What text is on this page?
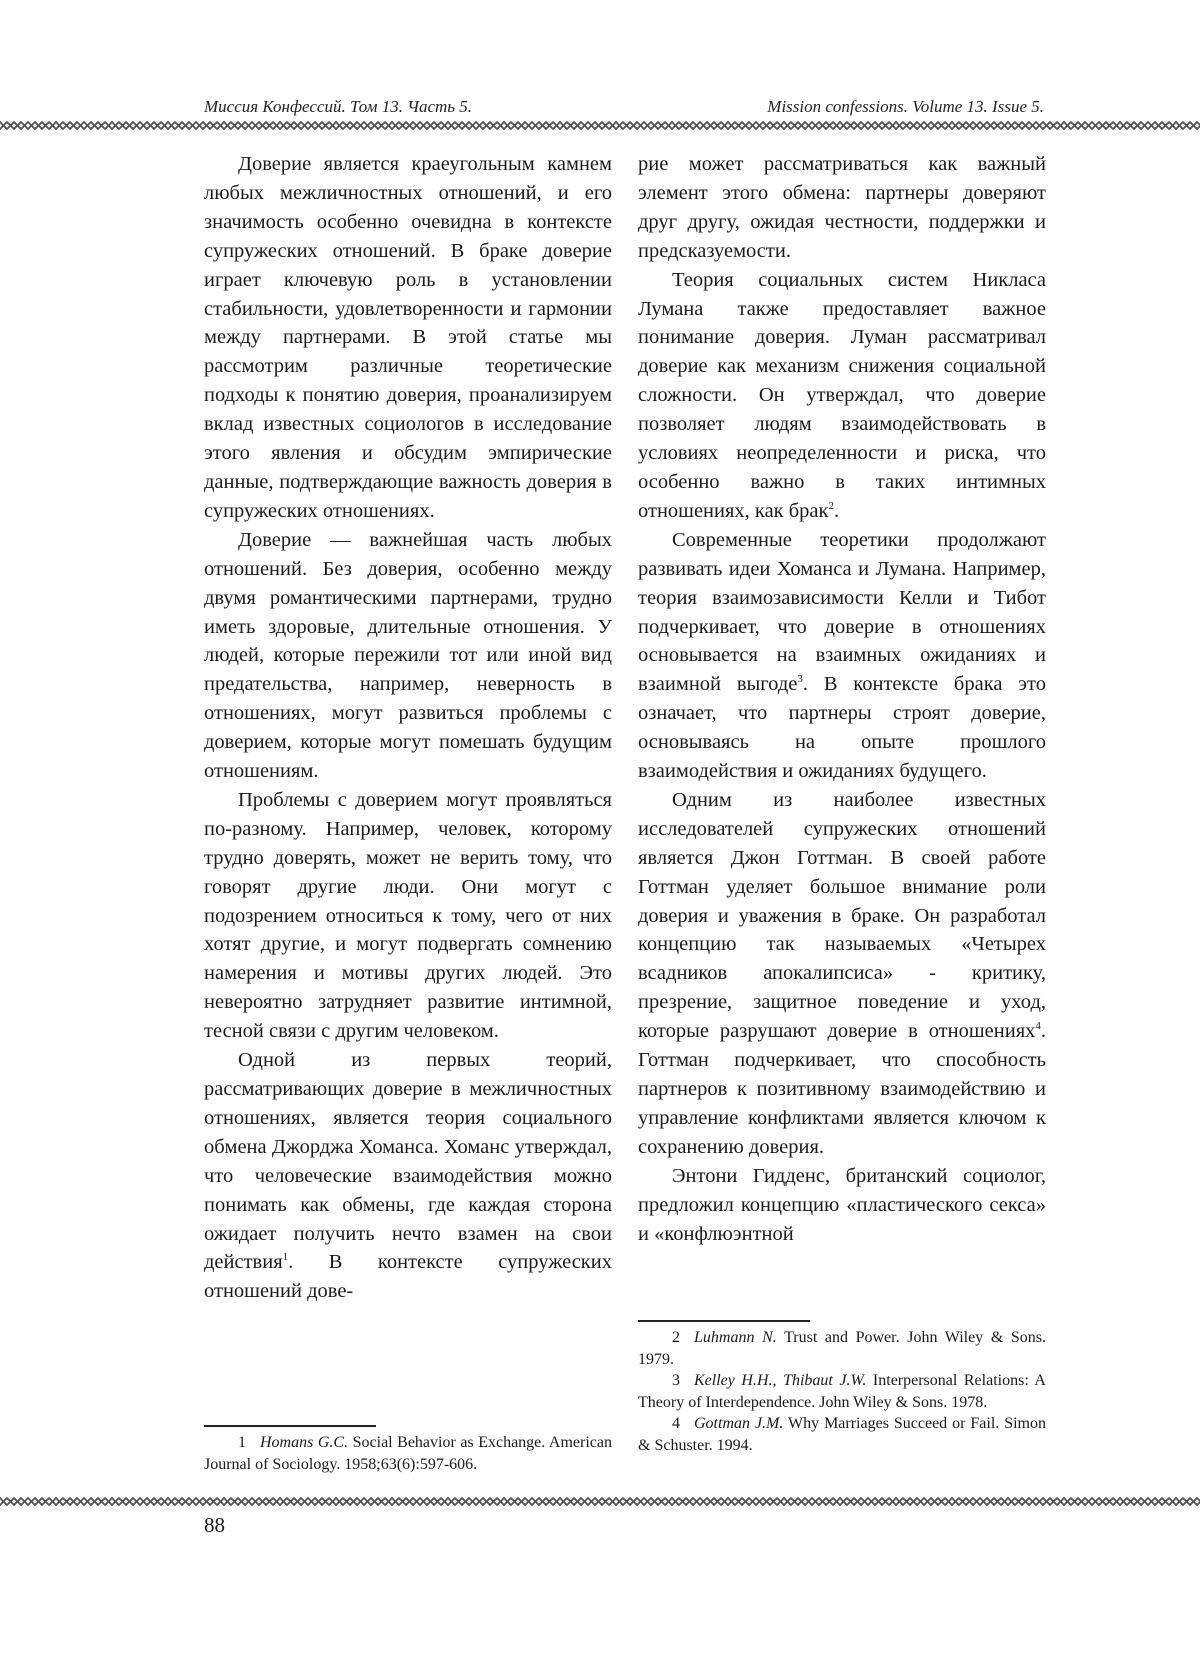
Миссия Конфессий. Том 13. Часть 5.	Mission confessions. Volume 13. Issue 5.

Доверие является краеугольным камнем любых межличностных отношений, и его значимость особенно очевидна в контексте супружеских отношений. В браке доверие играет ключевую роль в установлении стабильности, удовлетворенности и гармонии между партнерами. В этой статье мы рассмотрим различные теоретические подходы к понятию доверия, проанализируем вклад известных социологов в исследование этого явления и обсудим эмпирические данные, подтверждающие важность доверия в супружеских отношениях.

Доверие — важнейшая часть любых отношений. Без доверия, особенно между двумя романтическими партнерами, трудно иметь здоровые, длительные отношения. У людей, которые пережили тот или иной вид предательства, например, неверность в отношениях, могут развиться проблемы с доверием, которые могут помешать будущим отношениям.

Проблемы с доверием могут проявляться по-разному. Например, человек, которому трудно доверять, может не верить тому, что говорят другие люди. Они могут с подозрением относиться к тому, чего от них хотят другие, и могут подвергать сомнению намерения и мотивы других людей. Это невероятно затрудняет развитие интимной, тесной связи с другим человеком.

Одной из первых теорий, рассматривающих доверие в межличностных отношениях, является теория социального обмена Джорджа Хоманса. Хоманс утверждал, что человеческие взаимодействия можно понимать как обмены, где каждая сторона ожидает получить нечто взамен на свои действия$^1$. В контексте супружеских отношений дове-

рие может рассматриваться как важный элемент этого обмена: партнеры доверяют друг другу, ожидая честности, поддержки и предсказуемости.

Теория социальных систем Никласа Лумана также предоставляет важное понимание доверия. Луман рассматривал доверие как механизм снижения социальной сложности. Он утверждал, что доверие позволяет людям взаимодействовать в условиях неопределенности и риска, что особенно важно в таких интимных отношениях, как брак$^2$.

Современные теоретики продолжают развивать идеи Хоманса и Лумана. Например, теория взаимозависимости Келли и Тибот подчеркивает, что доверие в отношениях основывается на взаимных ожиданиях и взаимной выгоде$^3$. В контексте брака это означает, что партнеры строят доверие, основываясь на опыте прошлого взаимодействия и ожиданиях будущего.

Одним из наиболее известных исследователей супружеских отношений является Джон Готтман. В своей работе Готтман уделяет большое внимание роли доверия и уважения в браке. Он разработал концепцию так называемых «Четырех всадников апокалипсиса» - критику, презрение, защитное поведение и уход, которые разрушают доверие в отношениях$^4$. Готтман подчеркивает, что способность партнеров к позитивному взаимодействию и управление конфликтами является ключом к сохранению доверия.

Энтони Гидденс, британский социолог, предложил концепцию «пластического секса» и «конфлюэнтной

1 Homans G.C. Social Behavior as Exchange. American Journal of Sociology. 1958;63(6):597-606.

2 Luhmann N. Trust and Power. John Wiley & Sons. 1979.

3 Kelley H.H., Thibaut J.W. Interpersonal Relations: A Theory of Interdependence. John Wiley & Sons. 1978.

4 Gottman J.M. Why Marriages Succeed or Fail. Simon & Schuster. 1994.

88
